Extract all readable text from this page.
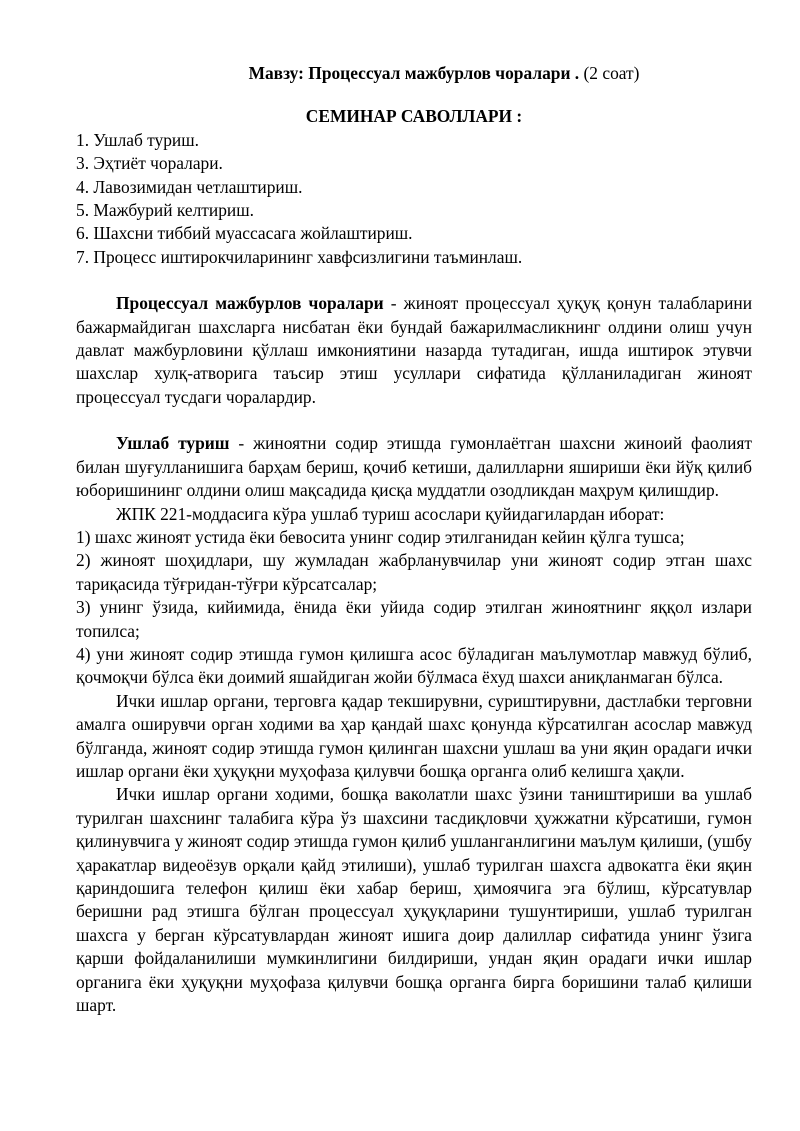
Мавзу: Процессуал мажбурлов чоралари . (2 соат)

СЕМИНАР САВОЛЛАРИ :

1. Ушлаб туриш.
3. Эҳтиёт чоралари.
4. Лавозимидан четлаштириш.
5. Мажбурий келтириш.
6. Шахсни тиббий муассасага жойлаштириш.
7. Процесс иштирокчиларининг хавфсизлигини таъминлаш.

Процессуал мажбурлов чоралари - жиноят процессуал ҳуқуқ қонун талабларини бажармайдиган шахсларга нисбатан ёки бундай бажарилмасликнинг олдини олиш учун давлат мажбурловини қўллаш имкониятини назарда тутадиган, ишда иштирок этувчи шахслар хулқ-атворига таъсир этиш усуллари сифатида қўлланиладиган жиноят процессуал тусдаги чоралардир.

Ушлаб туриш - жиноятни содир этишда гумонлаётган шахсни жиноий фаолият билан шуғулланишига барҳам бериш, қочиб кетиши, далилларни яшириши ёки йўқ қилиб юборишининг олдини олиш мақсадида қисқа муддатли озодликдан маҳрум қилишдир.

ЖПК 221-моддасига кўра ушлаб туриш асослари қуйидагилардан иборат:

1) шахс жиноят устида ёки бевосита унинг содир этилганидан кейин қўлга тушса;

2) жиноят шоҳидлари, шу жумладан жабрланувчилар уни жиноят содир этган шахс тариқасида тўғридан-тўғри кўрсатсалар;

3) унинг ўзида, кийимида, ёнида ёки уйида содир этилган жиноятнинг яққол излари топилса;

4) уни жиноят содир этишда гумон қилишга асос бўладиган маълумотлар мавжуд бўлиб, қочмоқчи бўлса ёки доимий яшайдиган жойи бўлмаса ёхуд шахси аниқланмаган бўлса.

Ички ишлар органи, терговга қадар текширувни, суриштирувни, дастлабки терговни амалга оширувчи орган ходими ва ҳар қандай шахс қонунда кўрсатилган асослар мавжуд бўлганда, жиноят содир этишда гумон қилинган шахсни ушлаш ва уни яқин орадаги ички ишлар органи ёки ҳуқуқни муҳофаза қилувчи бошқа органга олиб келишга ҳақли.

Ички ишлар органи ходими, бошқа ваколатли шахс ўзини таништириши ва ушлаб турилган шахснинг талабига кўра ўз шахсини тасдиқловчи ҳужжатни кўрсатиши, гумон қилинувчига у жиноят содир этишда гумон қилиб ушланганлигини маълум қилиши, (ушбу ҳаракатлар видеоёзув орқали қайд этилиши), ушлаб турилган шахсга адвокатга ёки яқин қариндошига телефон қилиш ёки хабар бериш, ҳимоячига эга бўлиш, кўрсатувлар беришни рад этишга бўлган процессуал ҳуқуқларини тушунтириши, ушлаб турилган шахсга у берган кўрсатувлардан жиноят ишига доир далиллар сифатида унинг ўзига қарши фойдаланилиши мумкинлигини билдириши, ундан яқин орадаги ички ишлар органига ёки ҳуқуқни муҳофаза қилувчи бошқа органга бирга боришини талаб қилиши шарт.
